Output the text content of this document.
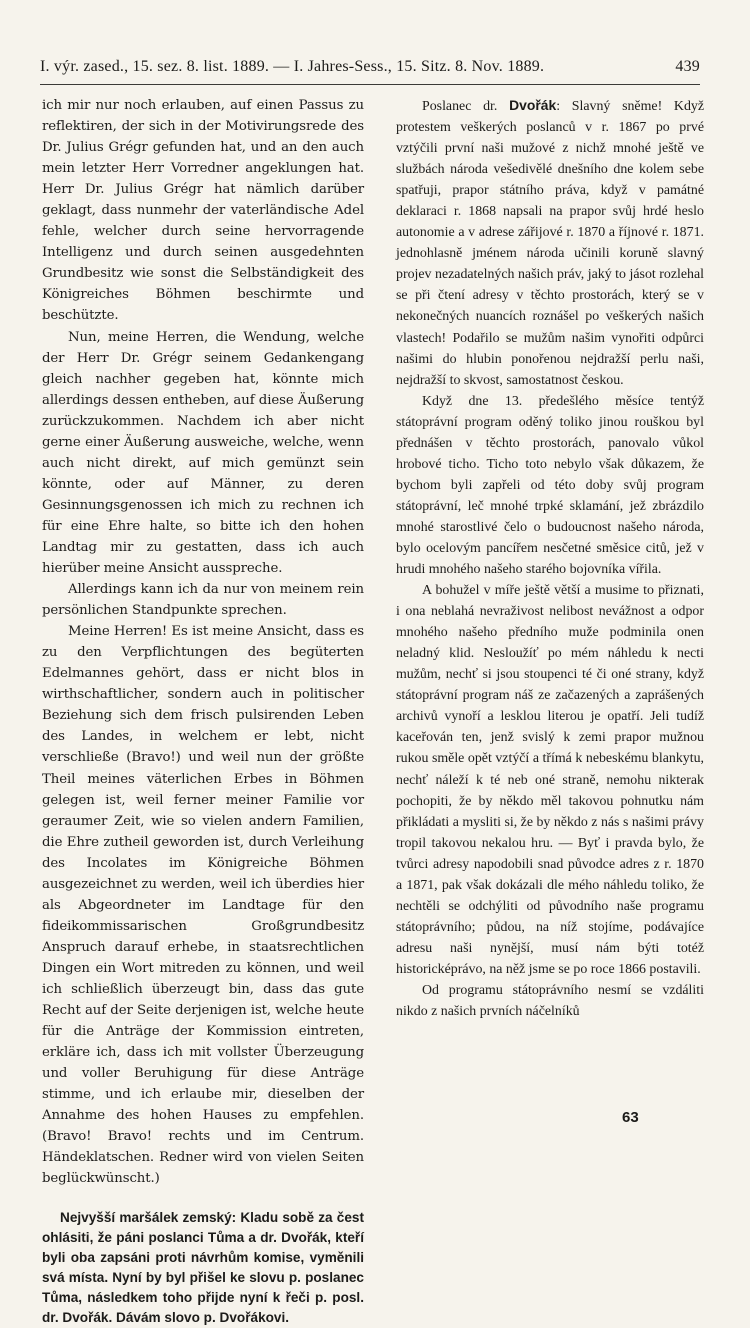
I. výr. zased., 15. sez. 8. list. 1889. — I. Jahres-Sess., 15. Sitz. 8. Nov. 1889.	439

ich mir nur noch erlauben, auf einen Passus zu reflektiren, der sich in der Motivirungsrede des Dr. Julius Grégr gefunden hat, und an den auch mein letzter Herr Vorredner angeklungen hat. Herr Dr. Julius Grégr hat nämlich darüber geklagt, dass nunmehr der vaterländische Adel fehle, welcher durch seine hervorragende Intelligenz und durch seinen ausgedehnten Grundbesitz wie sonst die Selbständigkeit des Königreiches Böhmen beschirmte und beschützte.

Nun, meine Herren, die Wendung, welche der Herr Dr. Grégr seinem Gedankengang gleich nachher gegeben hat, könnte mich allerdings dessen entheben, auf diese Äußerung zurückzukommen. Nachdem ich aber nicht gerne einer Äußerung ausweiche, welche, wenn auch nicht direkt, auf mich gemünzt sein könnte, oder auf Männer, zu deren Gesinnungsgenossen ich mich zu rechnen ich für eine Ehre halte, so bitte ich den hohen Landtag mir zu gestatten, dass ich auch hierüber meine Ansicht ausspreche.

Allerdings kann ich da nur von meinem rein persönlichen Standpunkte sprechen.

Meine Herren! Es ist meine Ansicht, dass es zu den Verpflichtungen des begüterten Edelmannes gehört, dass er nicht blos in wirthschaftlicher, sondern auch in politischer Beziehung sich dem frisch pulsirenden Leben des Landes, in welchem er lebt, nicht verschließe (Bravo!) und weil nun der größte Theil meines väterlichen Erbes in Böhmen gelegen ist, weil ferner meiner Familie vor geraumer Zeit, wie so vielen andern Familien, die Ehre zutheil geworden ist, durch Verleihung des Incolates im Königreiche Böhmen ausgezeichnet zu werden, weil ich überdies hier als Abgeordneter im Landtage für den fideikommissarischen Großgrundbesitz Anspruch darauf erhebe, in staatsrechtlichen Dingen ein Wort mitreden zu können, und weil ich schließlich überzeugt bin, dass das gute Recht auf der Seite derjenigen ist, welche heute für die Anträge der Kommission eintreten, erkläre ich, dass ich mit vollster Überzeugung und voller Beruhigung für diese Anträge stimme, und ich erlaube mir, dieselben der Annahme des hohen Hauses zu empfehlen. (Bravo! Bravo! rechts und im Centrum. Händeklatschen. Redner wird von vielen Seiten beglückwünscht.)

Nejvyšší maršálek zemský: Kladu sobě za čest ohlásiti, že páni poslanci Tůma a dr. Dvořák, kteří byli oba zapsáni proti návrhům komise, vyměnili svá místa. Nyní by byl přišel ke slovu p. poslanec Tůma, následkem toho přijde nyní k řeči p. posl. dr. Dvořák. Dávám slovo p. Dvořákovi.

Poslanec dr. Dvořák: Slavný sněme! Když protestem veškerých poslanců v r. 1867 po prvé vztýčili první naši mužové z nichž mnohé ještě ve službách národa vešedivělé dnešního dne kolem sebe spatřuji, prapor státního práva, když v památné deklaraci r. 1868 napsali na prapor svůj hrdé heslo autonomie a v adrese zářijové r. 1870 a říjnové r. 1871. jednohlasně jménem národa učinili koruně slavný projev nezadatelných našich práv, jaký to jásot rozlehal se při čtení adresy v těchto prostorách, který se v nekonečných nuancích roznášel po veškerých našich vlastech! Podařilo se mužům našim vynořiti odpůrci našimi do hlubin ponořenou nejdražší perlu naši, nejdražší to skvost, samostatnost českou.

Když dne 13. předešlého měsíce tentýž státoprávní program oděný toliko jinou rouškou byl přednášen v těchto prostorách, panovalo vůkol hrobové ticho. Ticho toto nebylo však důkazem, že bychom byli zapřeli od této doby svůj program státoprávní, leč mnohé trpké sklamání, jež zbrázdilo mnohé starostlivé čelo o budoucnost našeho národa, bylo ocelovým pancířem nesčetné směsice citů, jež v hrudi mnohého našeho starého bojovníka vířila.

A bohužel v míře ještě větší a musime to přiznati, i ona neblahá nevraživost nelibost nevážnost a odpor mnohého našeho předního muže podminila onen neladný klid. Nesloužíť po mém náhledu k necti mužům, nechť si jsou stoupenci té či oné strany, když státoprávní program náš ze začazených a zaprášených archivů vynoří a lesklou literou je opatří. Jeli tudíž kaceřován ten, jenž svislý k zemi prapor mužnou rukou směle opět vztýčí a třímá k nebeskému blankytu, nechť náleží k té neb oné straně, nemohu nikterak pochopiti, že by někdo měl takovou pohnutku nám přikládati a mysliti si, že by někdo z nás s našimi právy tropil takovou nekalou hru. — Byť i pravda bylo, že tvůrci adresy napodobili snad původce adres z r. 1870 a 1871, pak však dokázali dle mého náhledu toliko, že nechtěli se odchýliti od původního naše programu státoprávního; půdou, na níž stojíme, podávajíce adresu naši nynější, musí nám býti totéž historicképrávo, na něž jsme se po roce 1866 postavili.

Od programu státoprávního nesmí se vzdáliti nikdo z našich prvních náčelníků

63
